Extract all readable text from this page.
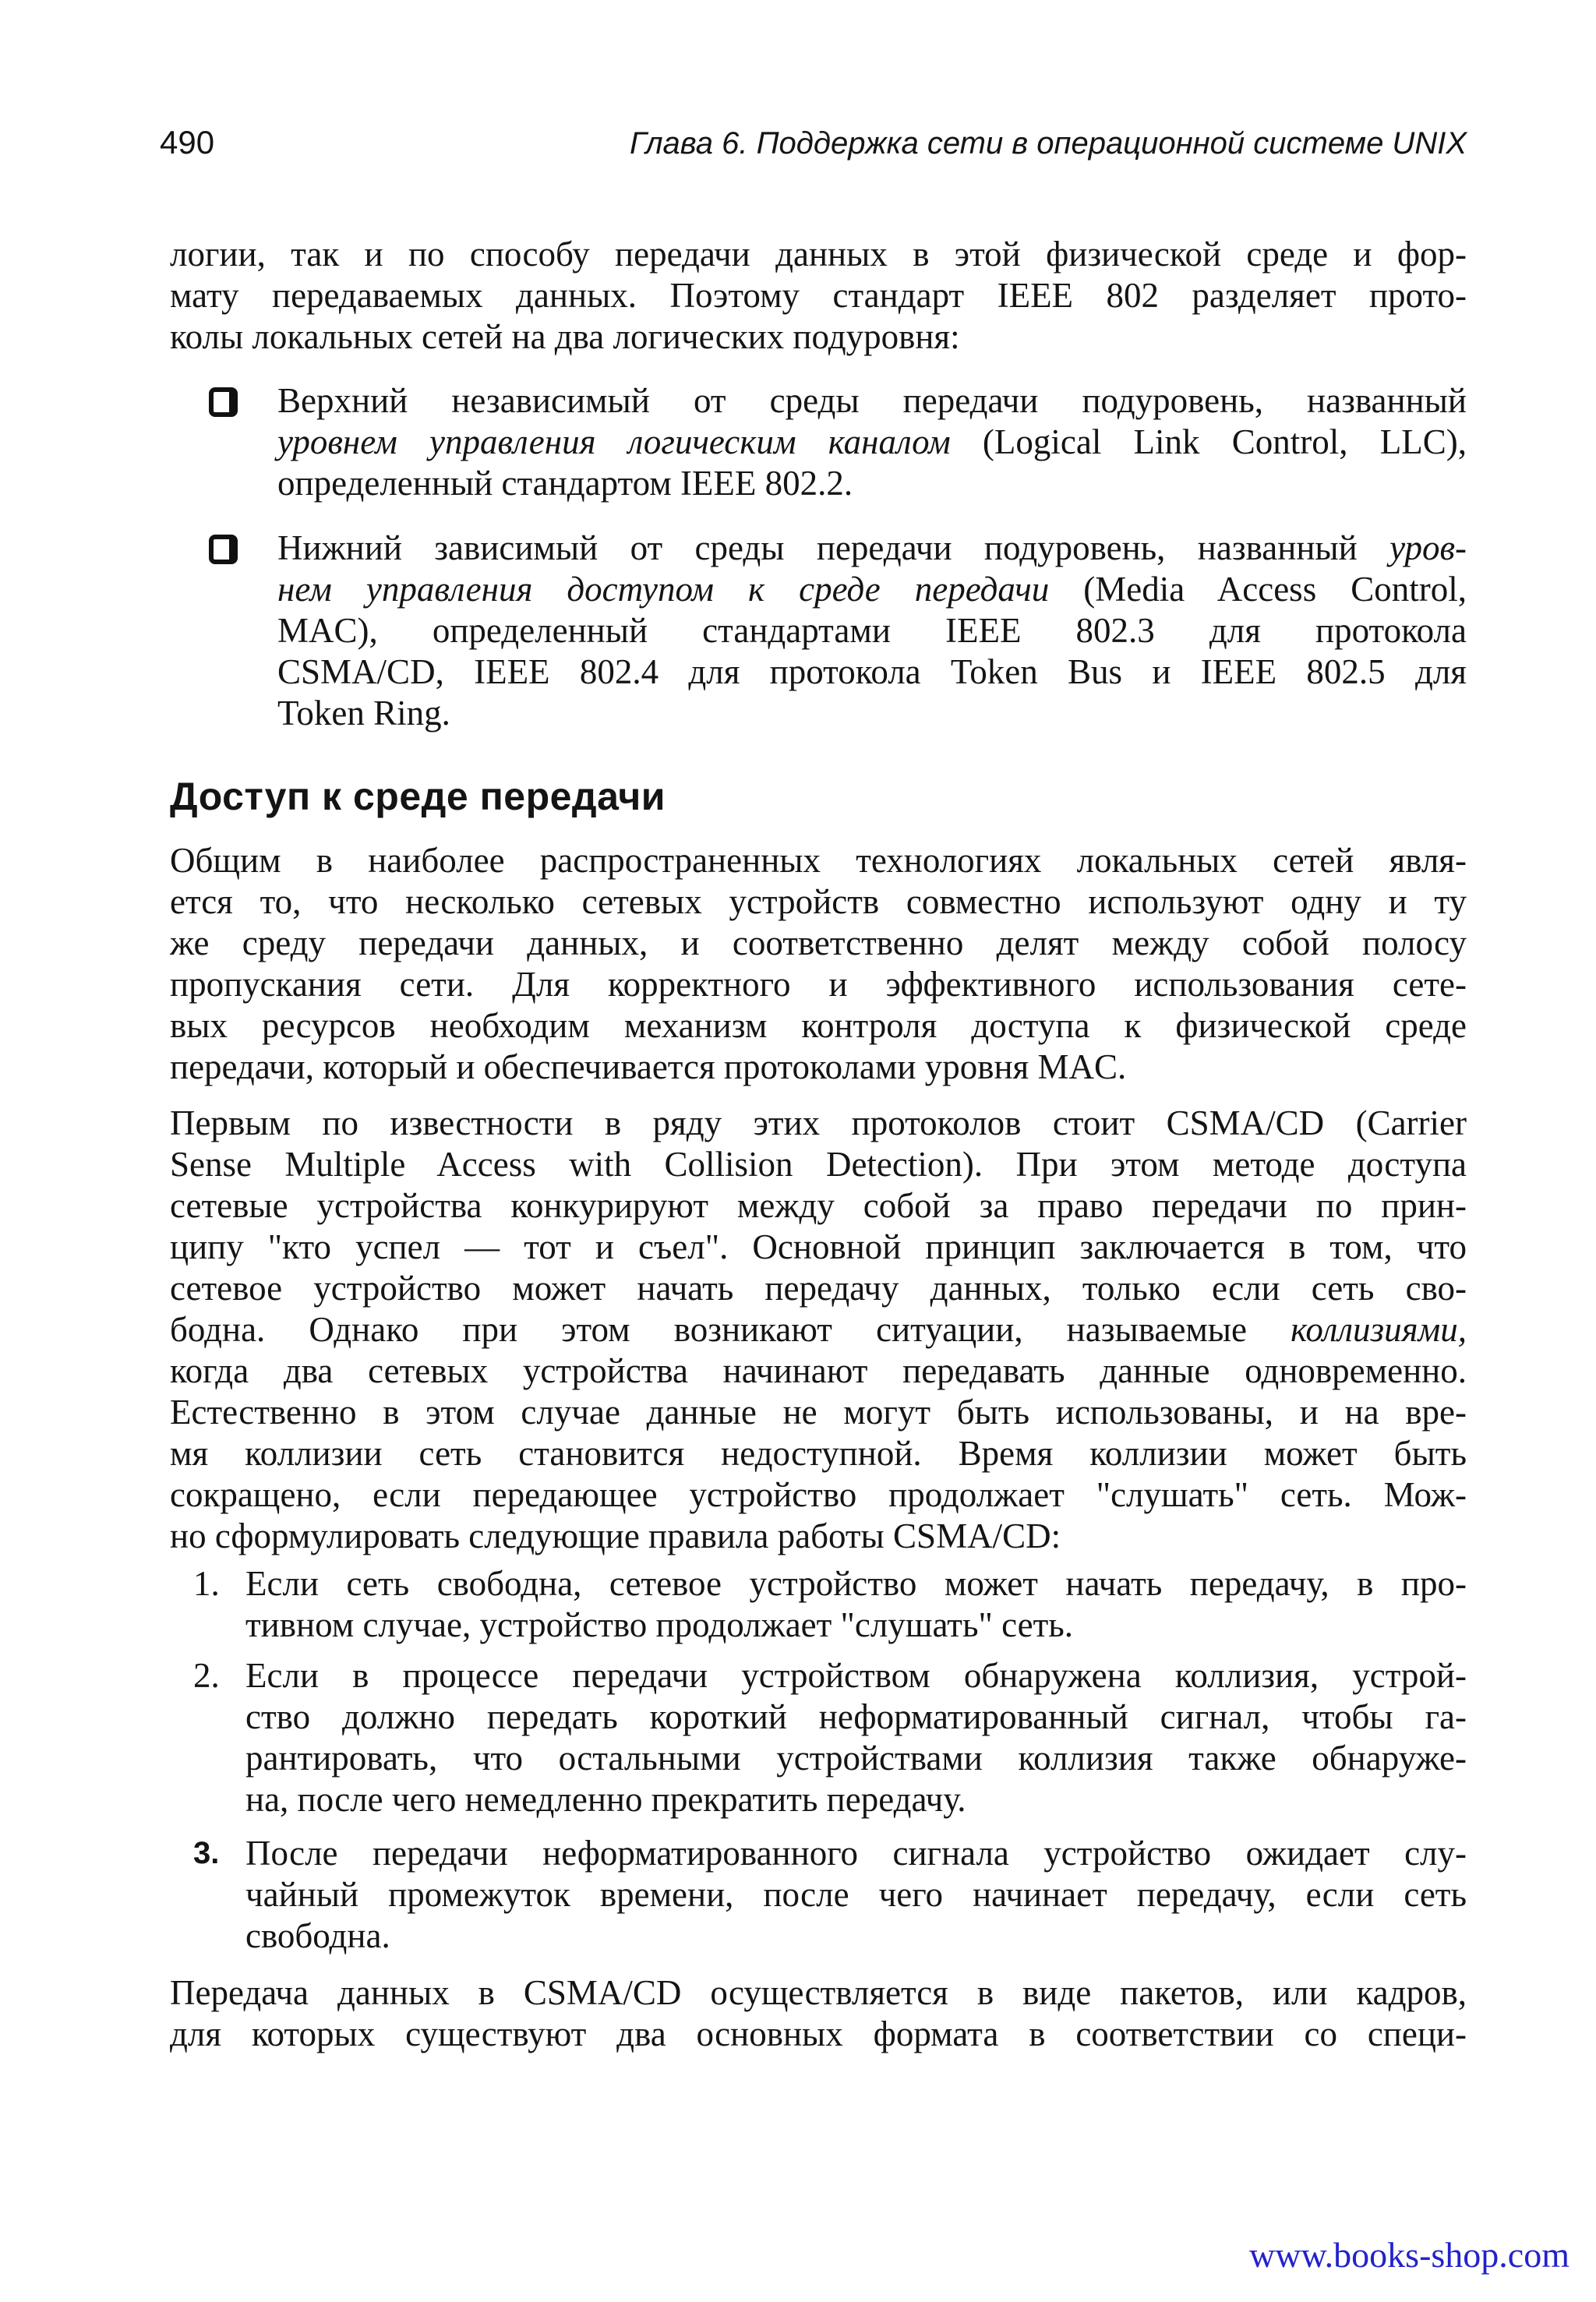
490	Глава 6. Поддержка сети в операционной системе UNIX
логии, так и по способу передачи данных в этой физической среде и фор-
мату передаваемых данных. Поэтому стандарт IEEE 802 разделяет прото-
колы локальных сетей на два логических подуровня:
Верхний независимый от среды передачи подуровень, названный
уровнем управления логическим каналом (Logical Link Control, LLC),
определенный стандартом IEEE 802.2.
Нижний зависимый от среды передачи подуровень, названный уров-
нем управления доступом к среде передачи (Media Access Control,
MAC), определенный стандартами IEEE 802.3 для протокола
CSMA/CD, IEEE 802.4 для протокола Token Bus и IEEE 802.5 для
Token Ring.
Доступ к среде передачи
Общим в наиболее распространенных технологиях локальных сетей явля-
ется то, что несколько сетевых устройств совместно используют одну и ту
же среду передачи данных, и соответственно делят между собой полосу
пропускания сети. Для корректного и эффективного использования сете-
вых ресурсов необходим механизм контроля доступа к физической среде
передачи, который и обеспечивается протоколами уровня MAC.
Первым по известности в ряду этих протоколов стоит CSMA/CD (Carrier
Sense Multiple Access with Collision Detection). При этом методе доступа
сетевые устройства конкурируют между собой за право передачи по прин-
ципу "кто успел — тот и съел". Основной принцип заключается в том, что
сетевое устройство может начать передачу данных, только если сеть сво-
бодна. Однако при этом возникают ситуации, называемые коллизиями,
когда два сетевых устройства начинают передавать данные одновременно.
Естественно в этом случае данные не могут быть использованы, и на вре-
мя коллизии сеть становится недоступной. Время коллизии может быть
сокращено, если передающее устройство продолжает "слушать" сеть. Мож-
но сформулировать следующие правила работы CSMA/CD:
1. Если сеть свободна, сетевое устройство может начать передачу, в про-
тивном случае, устройство продолжает "слушать" сеть.
2. Если в процессе передачи устройством обнаружена коллизия, устрой-
ство должно передать короткий неформатированный сигнал, чтобы га-
рантировать, что остальными устройствами коллизия также обнаруже-
на, после чего немедленно прекратить передачу.
3. После передачи неформатированного сигнала устройство ожидает слу-
чайный промежуток времени, после чего начинает передачу, если сеть
свободна.
Передача данных в CSMA/CD осуществляется в виде пакетов, или кадров,
для которых существуют два основных формата в соответствии со специ-
www.books-shop.com
